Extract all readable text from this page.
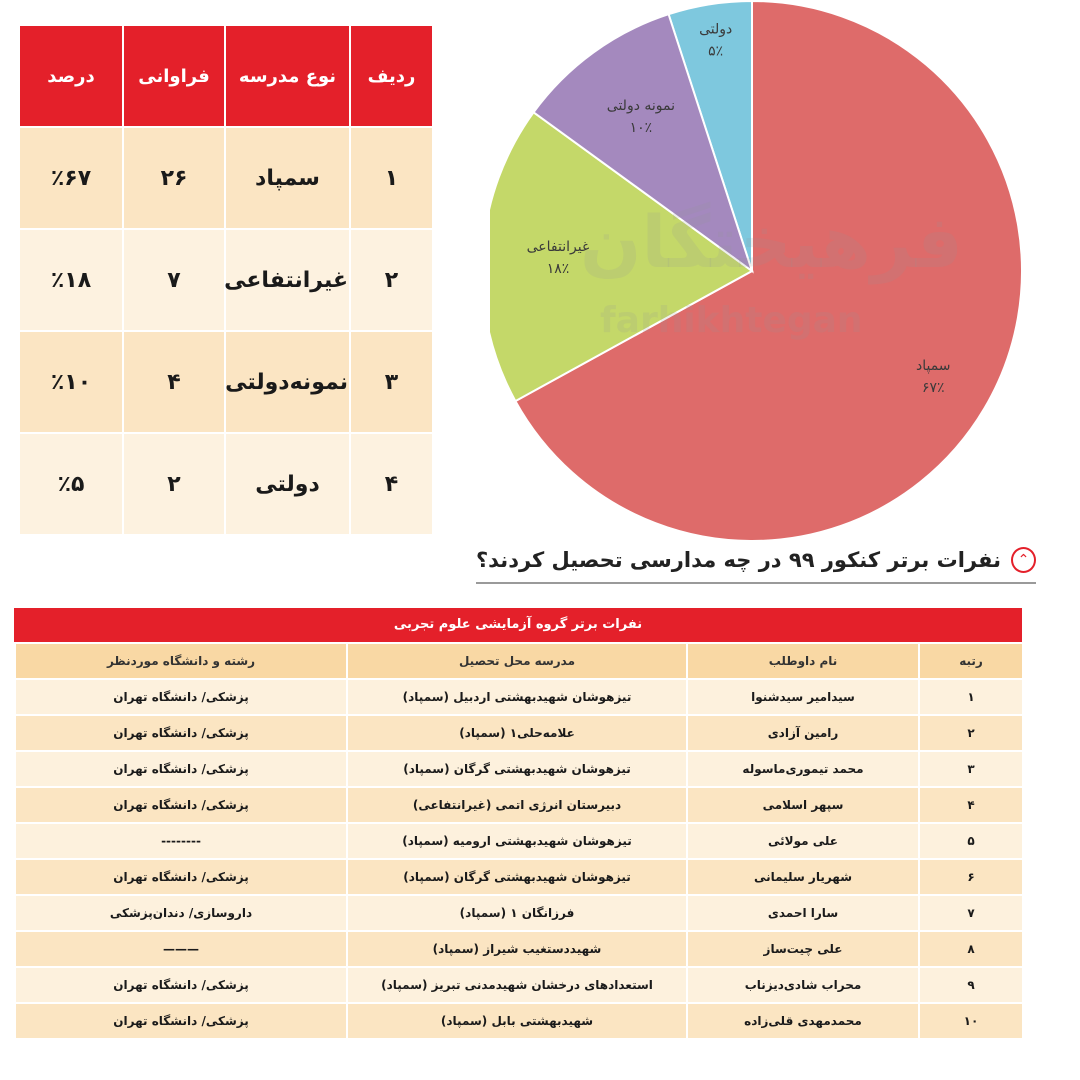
ردیف	نوع مدرسه	فراوانی	درصد
۱	سمپاد	۲۶	٪۶۷
۲	غیرانتفاعی	۷	٪۱۸
۳	نمونه‌دولتی	۴	٪۱۰
۴	دولتی	۲	٪۵
دولتی
۵٪
سمپاد
۶۷٪
غیرانتفاعی
۱۸٪
نمونه دولتی
۱۰٪
⌃
نفرات برتر کنکور ۹۹ در چه مدارسی تحصیل کردند؟
نفرات برتر گروه آزمایشی علوم تجربی
رتبه	نام داوطلب	مدرسه محل تحصیل	رشته و دانشگاه موردنظر
۱	سیدامیر سیدشنوا	تیزهوشان شهیدبهشتی اردبیل (سمپاد)	پزشکی/ دانشگاه تهران
۲	رامین آزادی	علامه‌حلی۱ (سمپاد)	پزشکی/ دانشگاه تهران
۳	محمد تیموری‌ماسوله	تیزهوشان شهیدبهشتی گرگان (سمپاد)	پزشکی/ دانشگاه تهران
۴	سپهر اسلامی	دبیرستان انرژی اتمی (غیرانتفاعی)	پزشکی/ دانشگاه تهران
۵	علی مولائی	تیزهوشان شهیدبهشتی ارومیه (سمپاد)	--------
۶	شهریار سلیمانی	تیزهوشان شهیدبهشتی گرگان (سمپاد)	پزشکی/ دانشگاه تهران
۷	سارا احمدی	فرزانگان ۱ (سمپاد)	داروسازی/ دندان‌پزشکی
۸	علی چیت‌ساز	شهیددستغیب شیراز (سمپاد)	———
۹	محراب شادی‌دیزناب	استعدادهای درخشان شهیدمدنی تبریز (سمپاد)	پزشکی/ دانشگاه تهران
۱۰	محمدمهدی قلی‌زاده	شهیدبهشتی بابل (سمپاد)	پزشکی/ دانشگاه تهران
